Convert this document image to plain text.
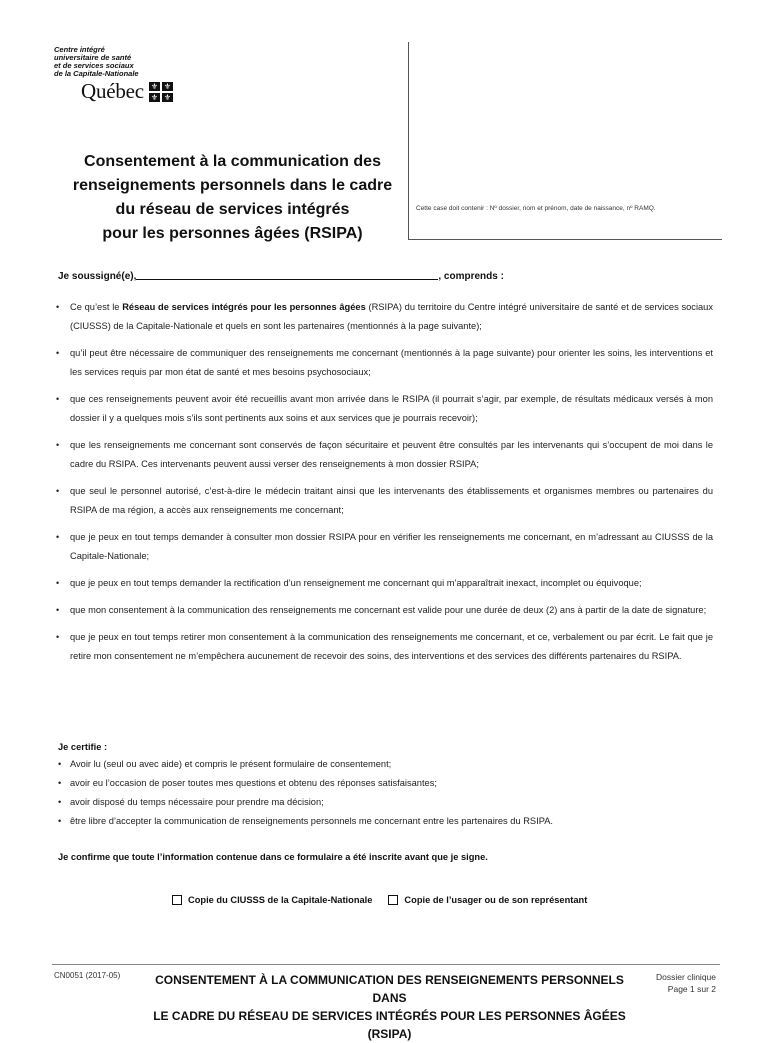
Centre intégré
universitaire de santé
et de services sociaux
de la Capitale-Nationale
Québec ⚜ ⚜
⚜ ⚜
Consentement à la communication des
renseignements personnels dans le cadre
du réseau de services intégrés
pour les personnes âgées (RSIPA)
Cette case doit contenir : Nº dossier, nom et prénom, date de naissance, nº RAMQ.
Je soussigné(e),	, comprends :
• Ce qu’est le Réseau de services intégrés pour les personnes âgées (RSIPA) du territoire du Centre intégré universitaire de santé et de services sociaux (CIUSSS) de la Capitale-Nationale et quels en sont les partenaires (mentionnés à la page suivante);
• qu’il peut être nécessaire de communiquer des renseignements me concernant (mentionnés à la page suivante) pour orienter les soins, les interventions et les services requis par mon état de santé et mes besoins psychosociaux;
• que ces renseignements peuvent avoir été recueillis avant mon arrivée dans le RSIPA (il pourrait s’agir, par exemple, de résultats médicaux versés à mon dossier il y a quelques mois s’ils sont pertinents aux soins et aux services que je pourrais recevoir);
• que les renseignements me concernant sont conservés de façon sécuritaire et peuvent être consultés par les intervenants qui s’occupent de moi dans le cadre du RSIPA. Ces intervenants peuvent aussi verser des renseignements à mon dossier RSIPA;
• que seul le personnel autorisé, c’est-à-dire le médecin traitant ainsi que les intervenants des établissements et organismes membres ou partenaires du RSIPA de ma région, a accès aux renseignements me concernant;
• que je peux en tout temps demander à consulter mon dossier RSIPA pour en vérifier les renseignements me concernant, en m’adressant au CIUSSS de la Capitale-Nationale;
• que je peux en tout temps demander la rectification d’un renseignement me concernant qui m’apparaîtrait inexact, incomplet ou équivoque;
• que mon consentement à la communication des renseignements me concernant est valide pour une durée de deux (2) ans à partir de la date de signature;
• que je peux en tout temps retirer mon consentement à la communication des renseignements me concernant, et ce, verbalement ou par écrit. Le fait que je retire mon consentement ne m’empêchera aucunement de recevoir des soins, des interventions et des services des différents partenaires du RSIPA.
Je certifie :
• Avoir lu (seul ou avec aide) et compris le présent formulaire de consentement;
• avoir eu l’occasion de poser toutes mes questions et obtenu des réponses satisfaisantes;
• avoir disposé du temps nécessaire pour prendre ma décision;
• être libre d’accepter la communication de renseignements personnels me concernant entre les partenaires du RSIPA.
Je confirme que toute l’information contenue dans ce formulaire a été inscrite avant que je signe.
Copie du CIUSSS de la Capitale-Nationale	Copie de l’usager ou de son représentant
CN0051 (2017-05)	CONSENTEMENT À LA COMMUNICATION DES RENSEIGNEMENTS PERSONNELS DANS
LE CADRE DU RÉSEAU DE SERVICES INTÉGRÉS POUR LES PERSONNES ÂGÉES (RSIPA)
Dossier clinique
Page 1 sur 2
